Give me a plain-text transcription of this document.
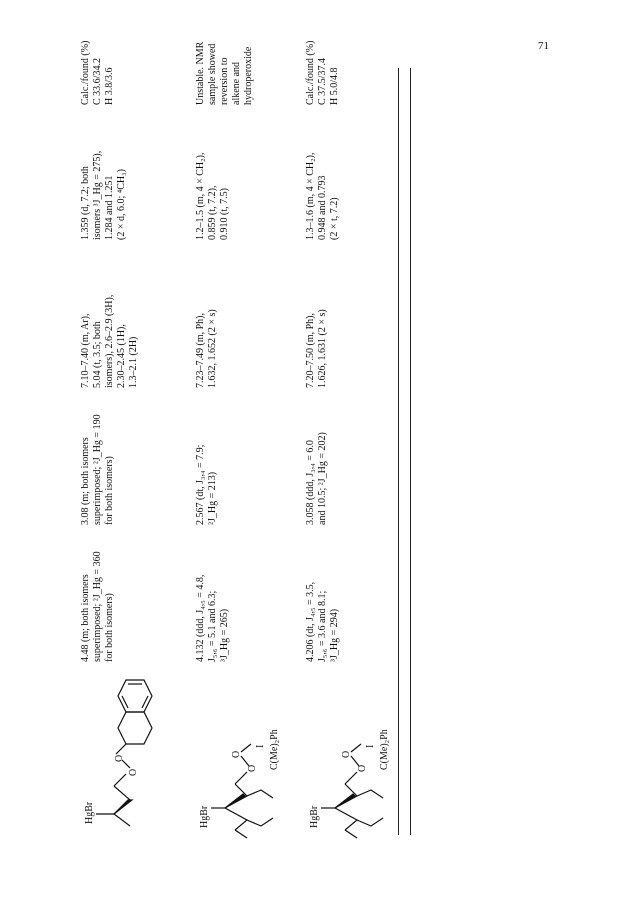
71
HgBr
O
O
4.48 (m; both isomers superimposed; ²J_Hg = 360 for both isomers)
3.08 (m; both isomers superimposed; ²J_Hg = 190 for both isomers)
7.10–7.40 (m, Ar), 5.04 (t, 3.5; both isomers), 2.6–2.9 (3H), 2.30–2.45 (1H), 1.3–2.1 (2H)
1.359 (d, 7.2; both isomers ³J_Hg = 275), 1.284 and 1.251 (2 × d, 6.0; ⁴CH₃)
Calc./found (%) C 33.6/34.2 H 3.8/3.6
HgBr
O
O
I C(Me)₂Ph
4.132 (ddd, J₄,₅ = 4.8, J₅,₆ = 5.1 and 6.3; ³J_Hg = 265)
2.567 (dt, J₃,₄ = 7.9; ²J_Hg = 213)
7.23–7.49 (m, Ph), 1.632, 1.652 (2 × s)
1.2–1.5 (m, 4 × CH₂), 0.859 (t, 7.2), 0.910 (t, 7.5)
Unstable. NMR sample showed reversion to alkene and hydroperoxide
HgBr
O
O
I C(Me)₂Ph
4.206 (dt, J₄,₅ = 3.5, J₅,₆ = 3.6 and 8.1; ³J_Hg = 294)
3.058 (ddd, J₃,₄ = 6.0 and 10.5; ²J_Hg = 202)
7.20–7.50 (m, Ph), 1.626, 1.631 (2 × s)
1.3–1.6 (m, 4 × CH₂), 0.948 and 0.793 (2 × t, 7.2)
Calc./found (%) C 37.5/37.4 H 5.0/4.8
